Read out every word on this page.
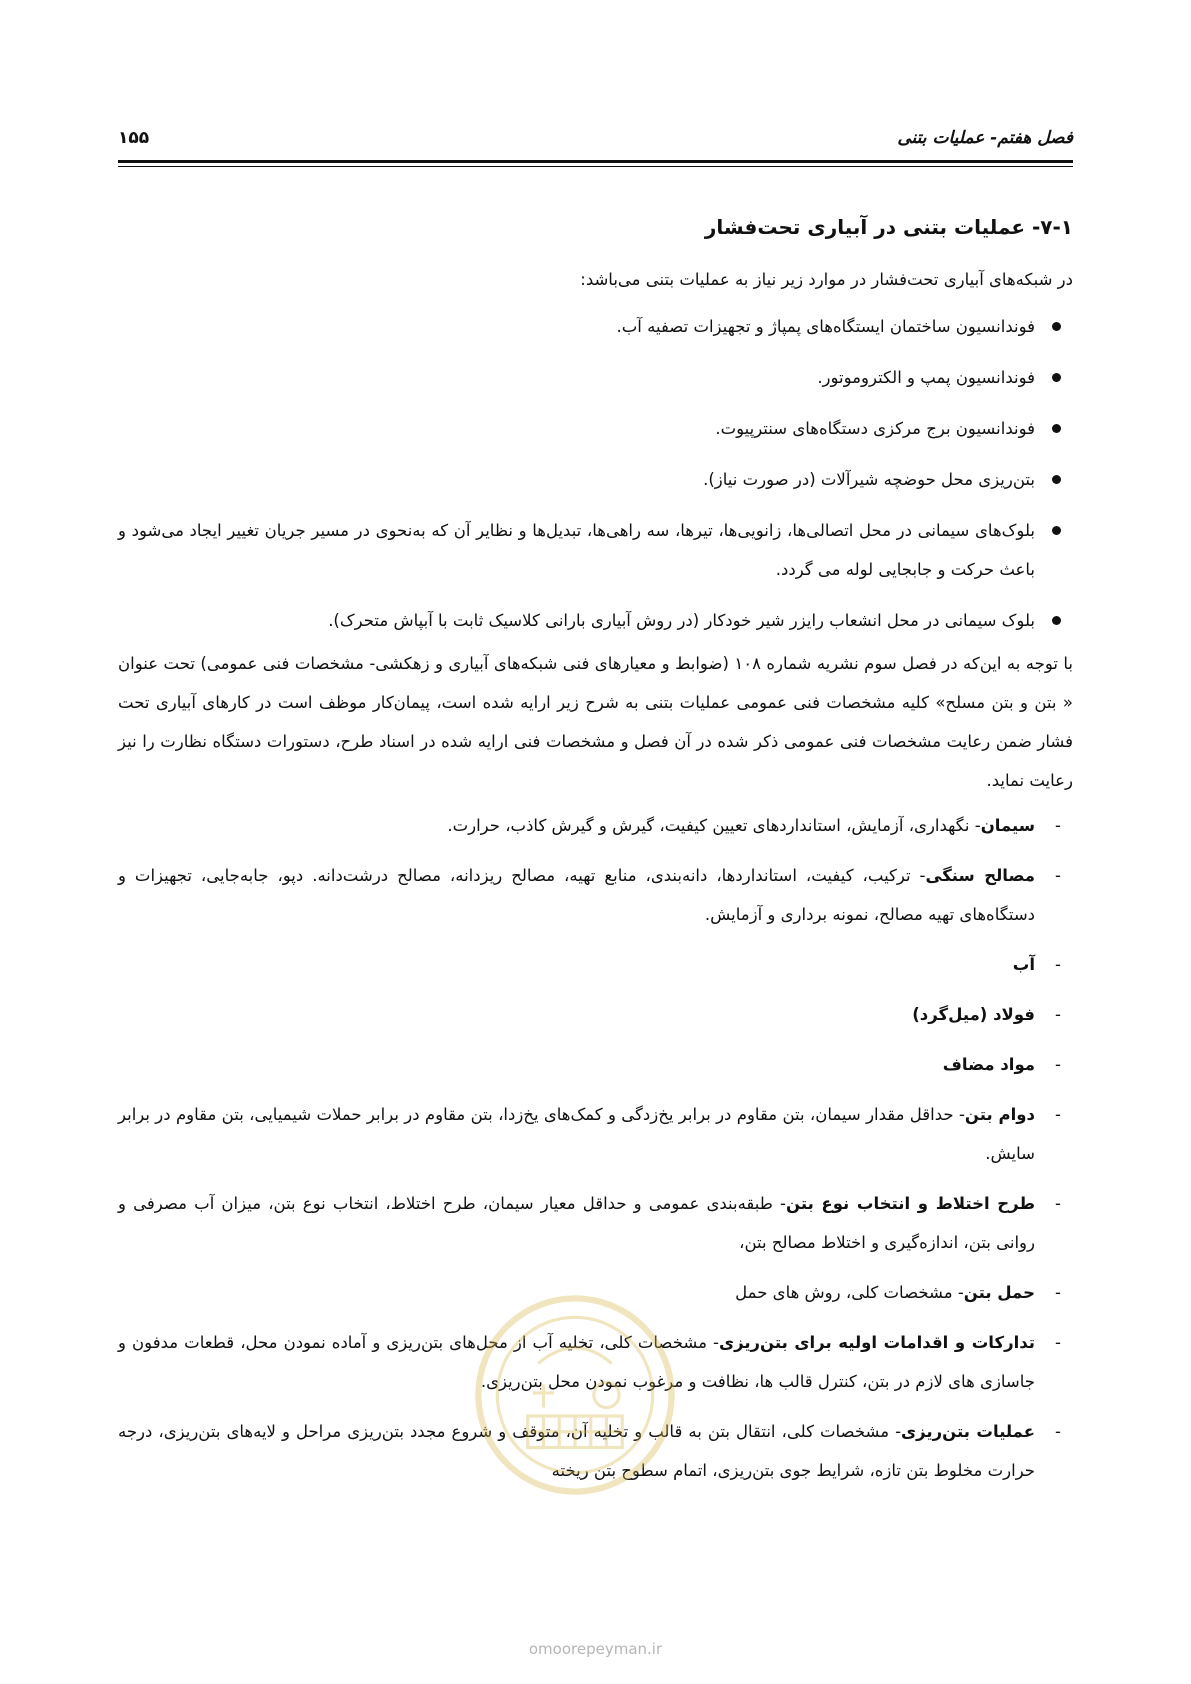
فصل هفتم- عملیات بتنی
۱۵۵
۷-۱- عملیات بتنی در آبیاری تحت‌فشار

در شبکه‌های آبیاری تحت‌فشار در موارد زیر نیاز به عملیات بتنی می‌باشد:

فوندانسیون ساختمان ایستگاه‌های پمپاژ و تجهیزات تصفیه آب.
فوندانسیون پمپ و الکتروموتور.
فوندانسیون برج مرکزی دستگاه‌های سنترپیوت.
بتن‌ریزی محل حوضچه شیرآلات (در صورت نیاز).
بلوک‌های سیمانی در محل اتصالی‌ها، زانویی‌ها، تیرها، سه راهی‌ها، تبدیل‌ها و نظایر آن که به‌نحوی در مسیر جریان تغییر ایجاد می‌شود و باعث حرکت و جابجایی لوله می گردد.
بلوک سیمانی در محل انشعاب رایزر شیر خودکار (در روش آبیاری بارانی کلاسیک ثابت با آبپاش متحرک).

با توجه به این‌که در فصل سوم نشریه شماره ۱۰۸ (ضوابط و معیارهای فنی شبکه‌های آبیاری و زهکشی- مشخصات فنی عمومی) تحت عنوان « بتن و بتن مسلح» کلیه مشخصات فنی عمومی عملیات بتنی به شرح زیر ارایه شده است، پیمان‌کار موظف است در کارهای آبیاری تحت فشار ضمن رعایت مشخصات فنی عمومی ذکر شده در آن فصل و مشخصات فنی ارایه شده در اسناد طرح، دستورات دستگاه نظارت را نیز رعایت نماید.

-
سیمان- نگهداری، آزمایش، استانداردهای تعیین کیفیت، گیرش و گیرش کاذب، حرارت.
-
مصالح سنگی- ترکیب، کیفیت، استانداردها، دانه‌بندی، منابع تهیه، مصالح ریزدانه، مصالح درشت‌دانه. دپو، جابه‌جایی، تجهیزات و دستگاه‌های تهیه مصالح، نمونه برداری و آزمایش.
-
آب
-
فولاد (میل‌گرد)
-
مواد مضاف
-
دوام بتن- حداقل مقدار سیمان، بتن مقاوم در برابر یخ‌زدگی و کمک‌های یخ‌زدا، بتن مقاوم در برابر حملات شیمیایی، بتن مقاوم در برابر سایش.
-
طرح اختلاط و انتخاب نوع بتن- طبقه‌بندی عمومی و حداقل معیار سیمان، طرح اختلاط، انتخاب نوع بتن، میزان آب مصرفی و روانی بتن، اندازه‌گیری و اختلاط مصالح بتن،
-
حمل بتن- مشخصات کلی، روش های حمل
-
تدارکات و اقدامات اولیه برای بتن‌ریزی- مشخصات کلی، تخلیه آب از محل‌های بتن‌ریزی و آماده نمودن محل، قطعات مدفون و جاسازی های لازم در بتن، کنترل قالب ها، نظافت و مرغوب نمودن محل بتن‌ریزی.
-
عملیات بتن‌ریزی- مشخصات کلی، انتقال بتن به قالب و تخلیه آن، متوقف و شروع مجدد بتن‌ریزی مراحل و لایه‌های بتن‌ریزی، درجه حرارت مخلوط بتن تازه، شرایط جوی بتن‌ریزی، اتمام سطوح بتن ریخته
omoorepeyman.ir
